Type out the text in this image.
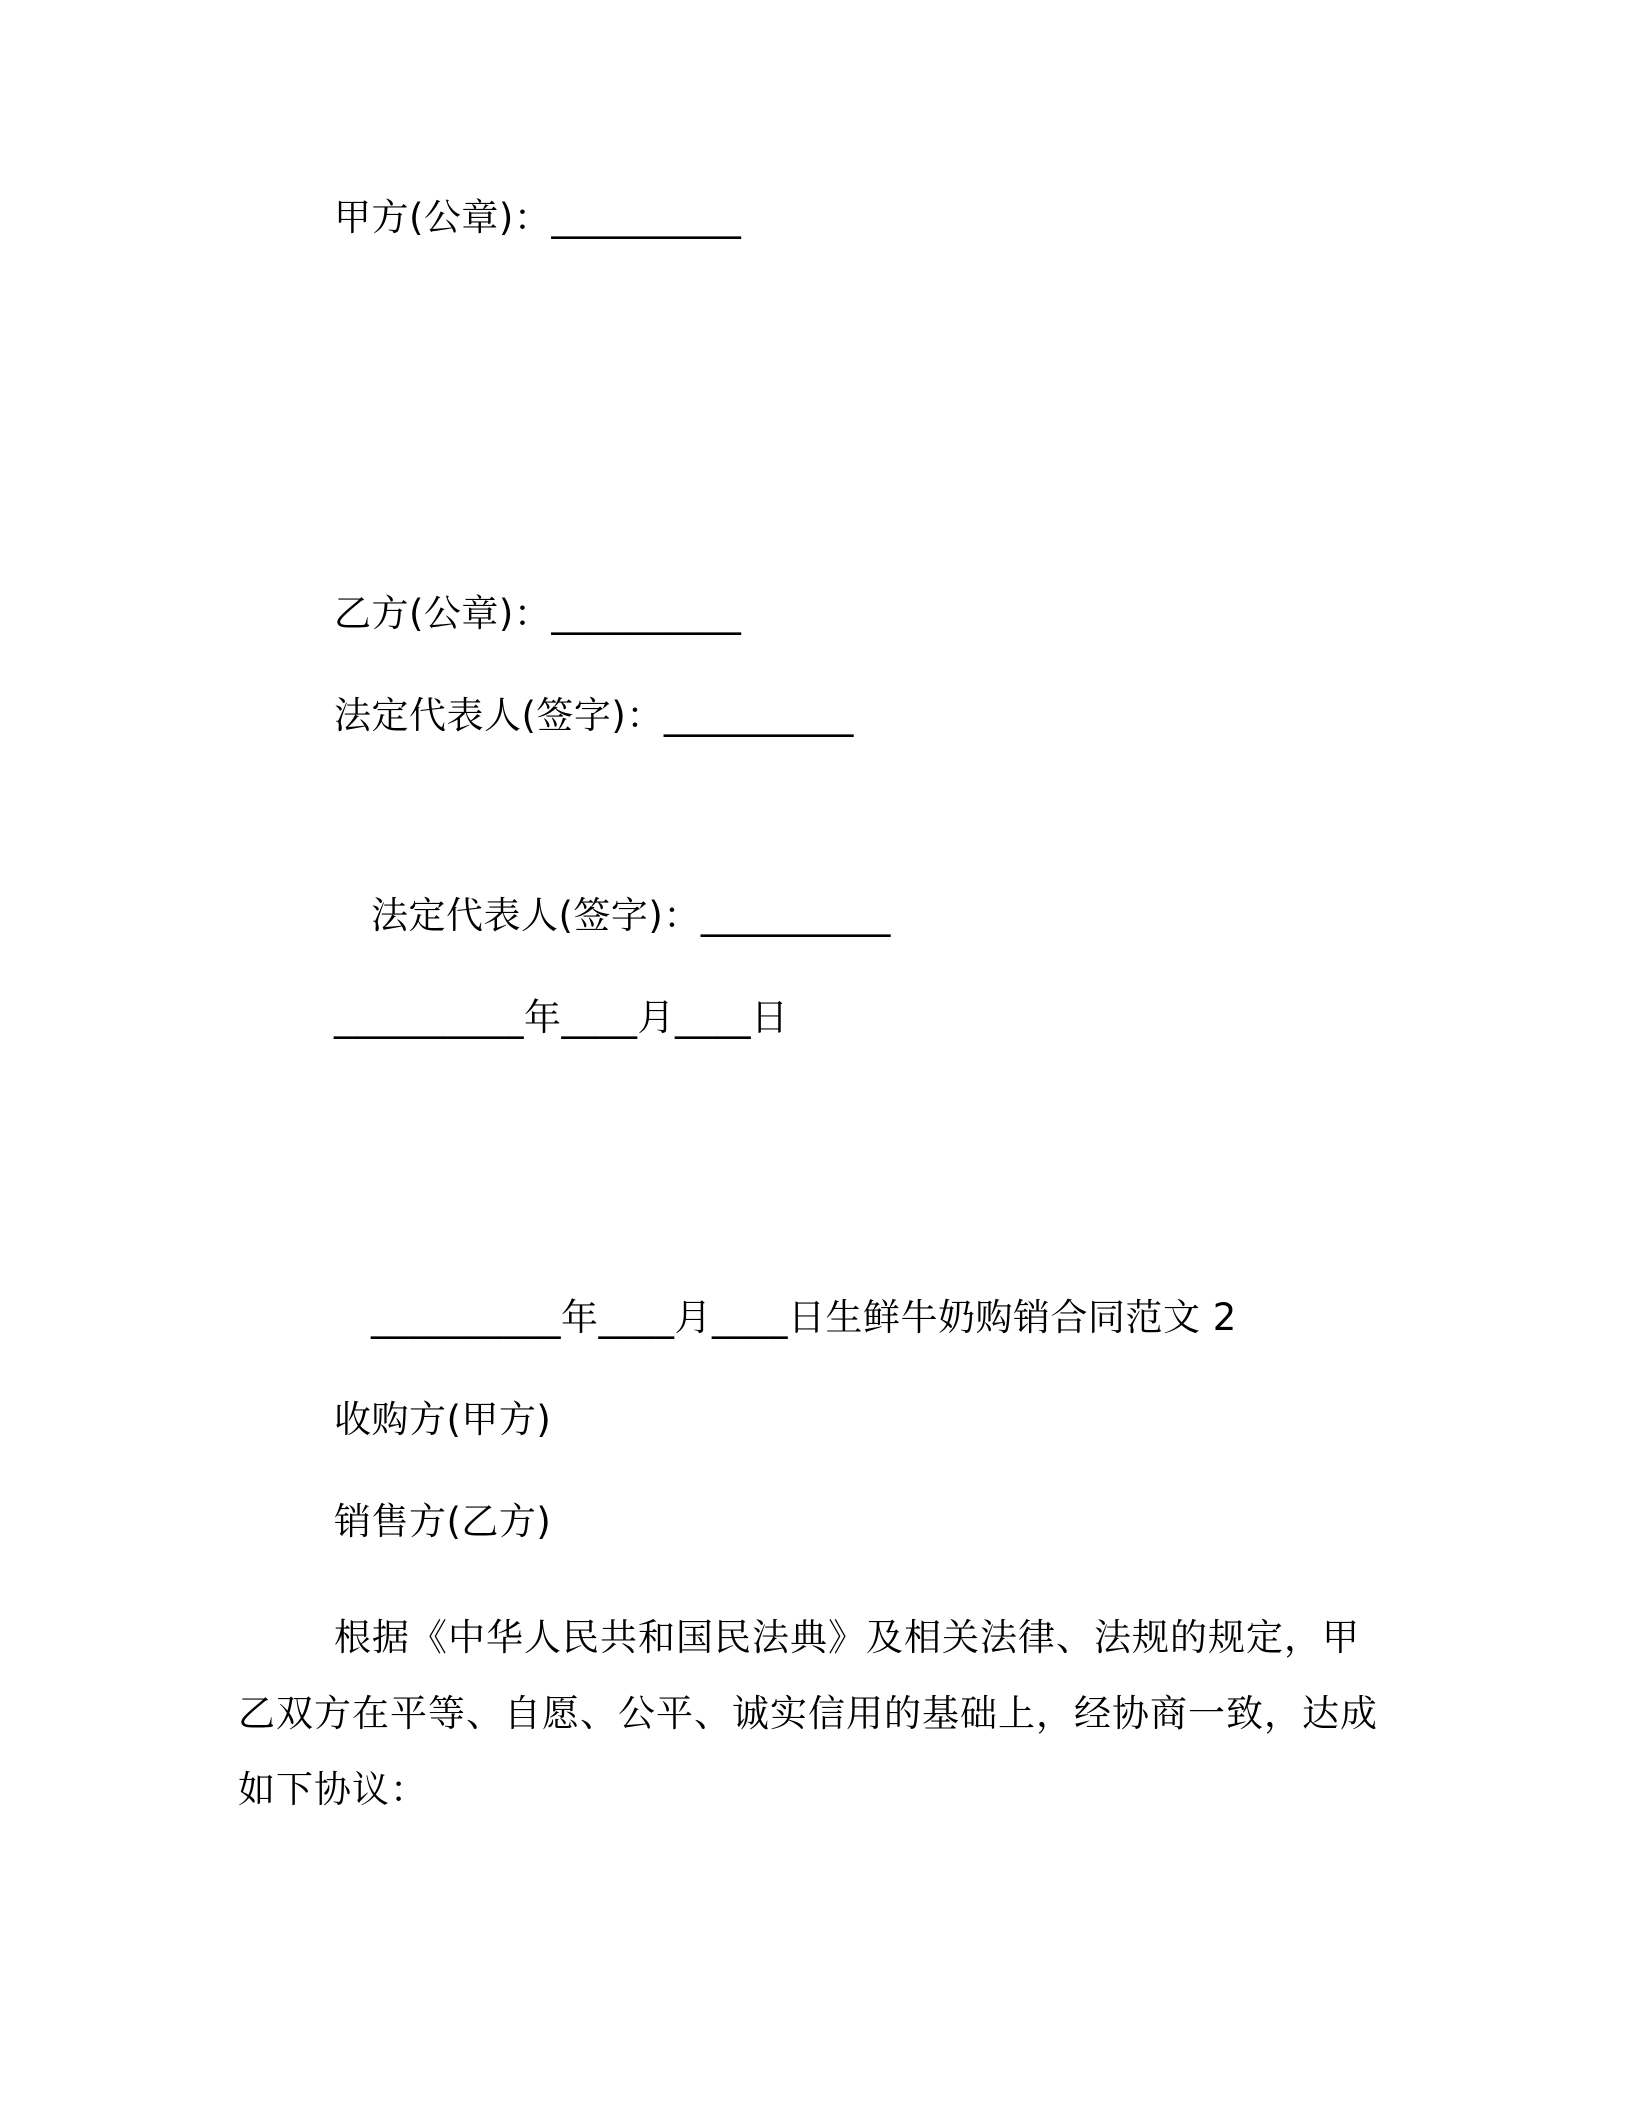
甲方(公章)：__________
乙方(公章)：__________
法定代表人(签字)：__________
法定代表人(签字)：__________
__________年____月____日
__________年____月____日生鲜牛奶购销合同范文 2
收购方(甲方)
销售方(乙方)
根据《中华人民共和国民法典》及相关法律、法规的规定，甲乙双方在平等、自愿、公平、诚实信用的基础上，经协商一致，达成如下协议：
